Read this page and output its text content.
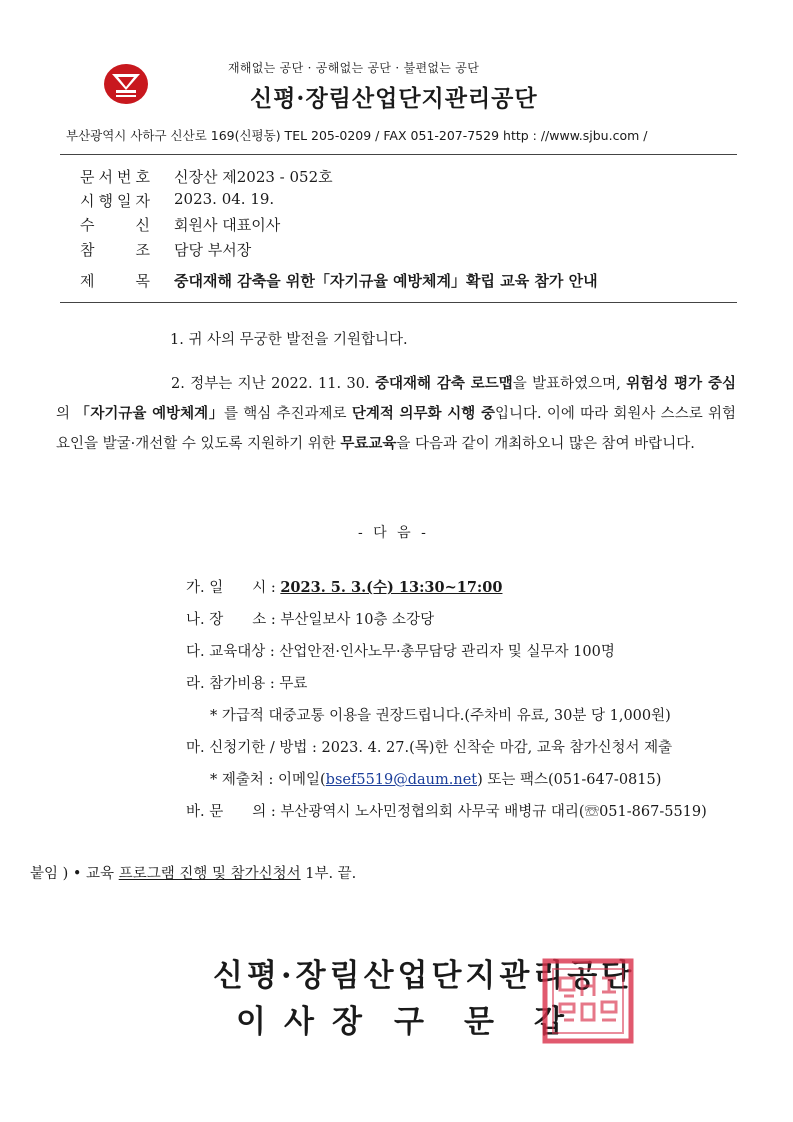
재해없는 공단 · 공해없는 공단 · 불편없는 공단
신평·장림산업단지관리공단
부산광역시 사하구 신산로 169(신평동) TEL 205-0209 / FAX 051-207-7529 http : //www.sjbu.com /
문 서 번 호 신장산 제2023 - 052호
시 행 일 자 2023. 04. 19.
수	신 회원사 대표이사
참	조 담당 부서장
제	목 중대재해 감축을 위한「자기규율 예방체계」확립 교육 참가 안내
1. 귀 사의 무궁한 발전을 기원합니다.
2. 정부는 지난 2022. 11. 30. 중대재해 감축 로드맵을 발표하였으며, 위험성 평가 중심의 「자기규율 예방체계」를 핵심 추진과제로 단계적 의무화 시행 중입니다. 이에 따라 회원사 스스로 위험요인을 발굴·개선할 수 있도록 지원하기 위한 무료교육을 다음과 같이 개최하오니 많은 참여 바랍니다.
- 다 음 -
가. 일　　시 : 2023. 5. 3.(수) 13:30~17:00
나. 장　　소 : 부산일보사 10층 소강당
다. 교육대상 : 산업안전·인사노무·총무담당 관리자 및 실무자 100명
라. 참가비용 : 무료
* 가급적 대중교통 이용을 권장드립니다.(주차비 유료, 30분 당 1,000원)
마. 신청기한 / 방법 : 2023. 4. 27.(목)한 신착순 마감, 교육 참가신청서 제출
* 제출처 : 이메일(bsef5519@daum.net) 또는 팩스(051-647-0815)
바. 문　　의 : 부산광역시 노사민정협의회 사무국 배병규 대리(☏051-867-5519)
붙임 ) • 교육 프로그램 진행 및 참가신청서 1부. 끝.
신평·장림산업단지관리공단
이 사 장 구 문 갑
